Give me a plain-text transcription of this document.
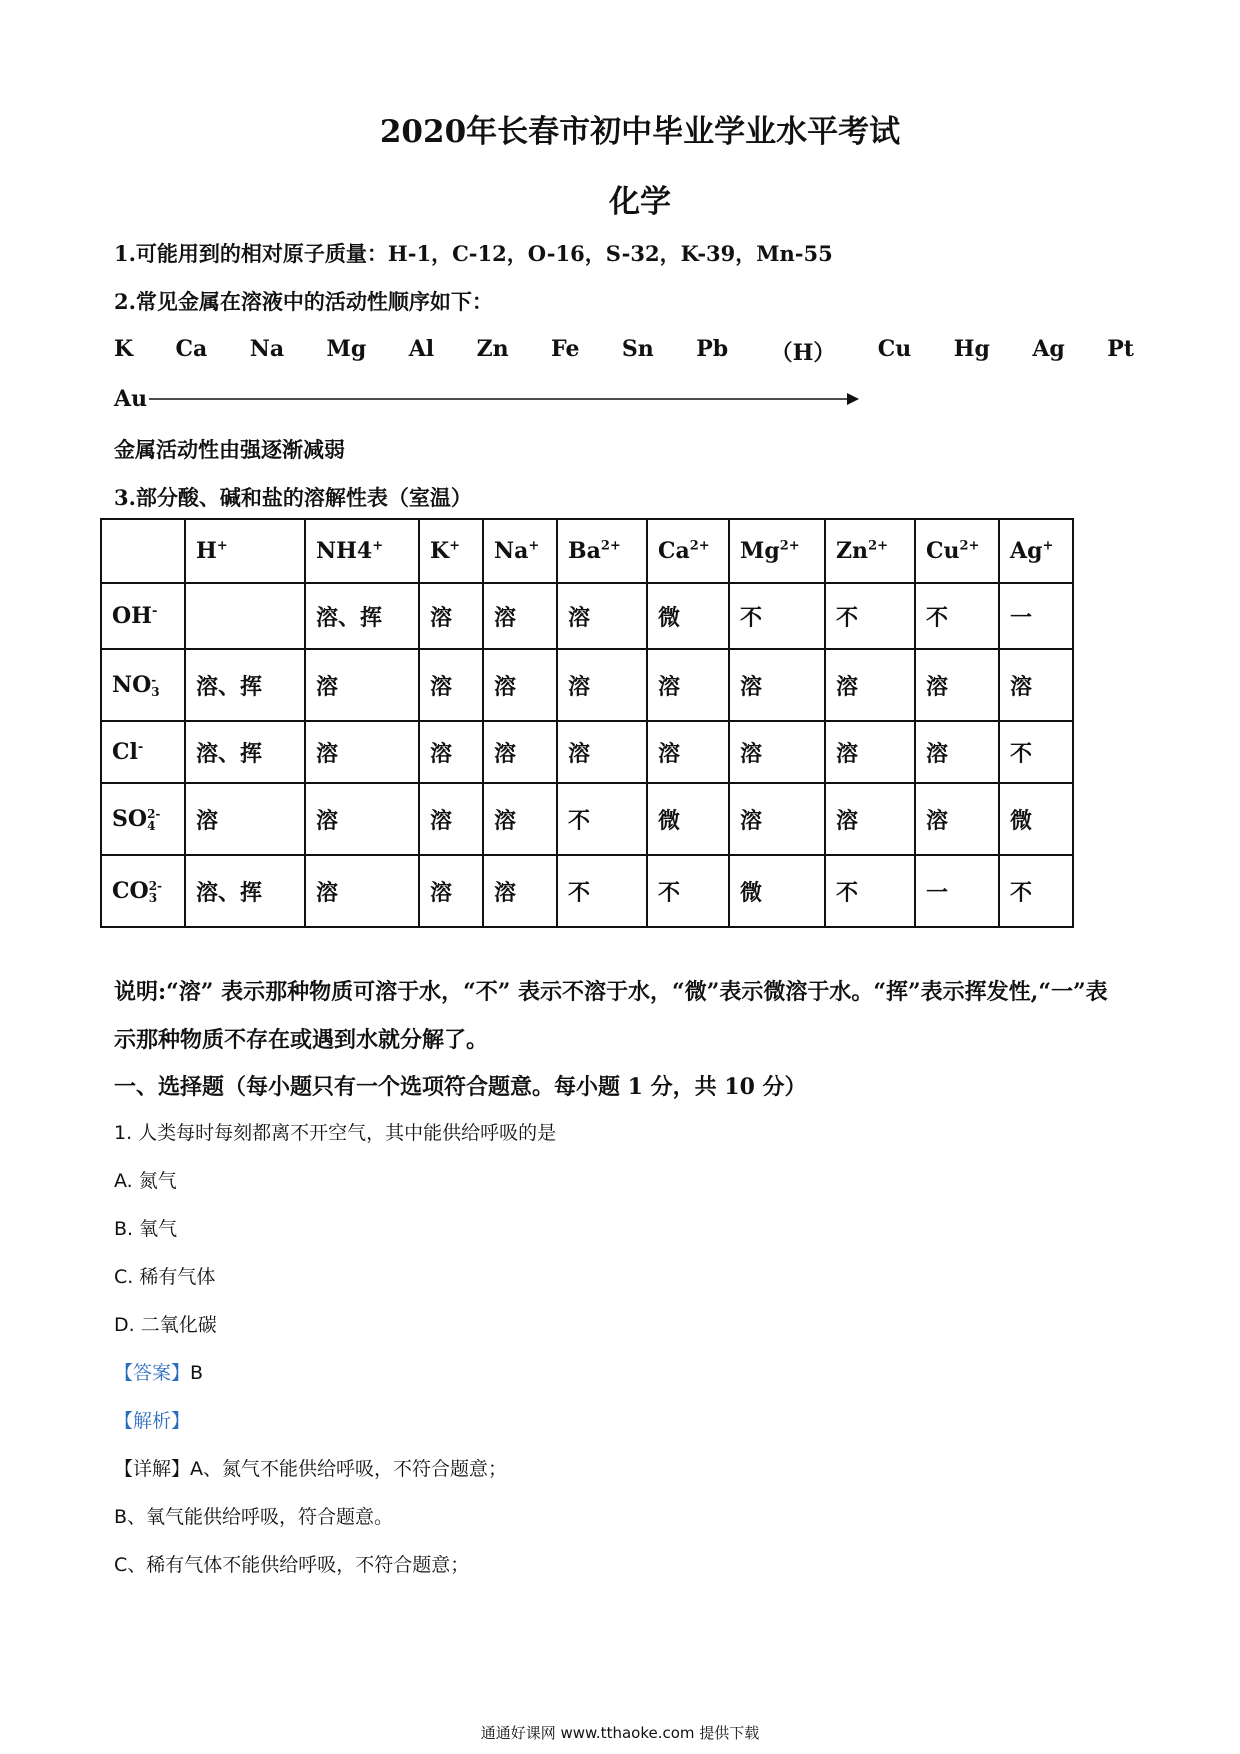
2020年长春市初中毕业学业水平考试
化学
1.可能用到的相对原子质量：H-1，C-12，O-16，S-32，K-39，Mn-55
2.常见金属在溶液中的活动性顺序如下：
K Ca Na Mg Al Zn Fe Sn Pb （H） Cu Hg Ag Pt
Au
金属活动性由强逐渐减弱
3.部分酸、碱和盐的溶解性表（室温）
	H+	NH4+	K+	Na+	$Ba^{2+}$	$Ca^{2+}$	$Mg^{2+}$	$Zn^{2+}$	$Cu^{2+}$	Ag+
OH-		溶、挥	溶	溶	溶	微	不	不	不	一
NO -
3	溶、挥	溶	溶	溶	溶	溶	溶	溶	溶	溶
Cl-	溶、挥	溶	溶	溶	溶	溶	溶	溶	溶	不
SO 2-
4	溶	溶	溶	溶	不	微	溶	溶	溶	微
CO 2-
3	溶、挥	溶	溶	溶	不	不	微	不	一	不
说明:“溶” 表示那种物质可溶于水，“不” 表示不溶于水，“微”表示微溶于水。“挥”表示挥发性,“一”表示那种物质不存在或遇到水就分解了。
一、选择题（每小题只有一个选项符合题意。每小题 1 分，共 10 分）
1. 人类每时每刻都离不开空气，其中能供给呼吸的是
A. 氮气
B. 氧气
C. 稀有气体
D. 二氧化碳
【答案】B
【解析】
【详解】A、氮气不能供给呼吸，不符合题意；
B、氧气能供给呼吸，符合题意。
C、稀有气体不能供给呼吸，不符合题意；
通通好课网 www.tthaoke.com 提供下载
